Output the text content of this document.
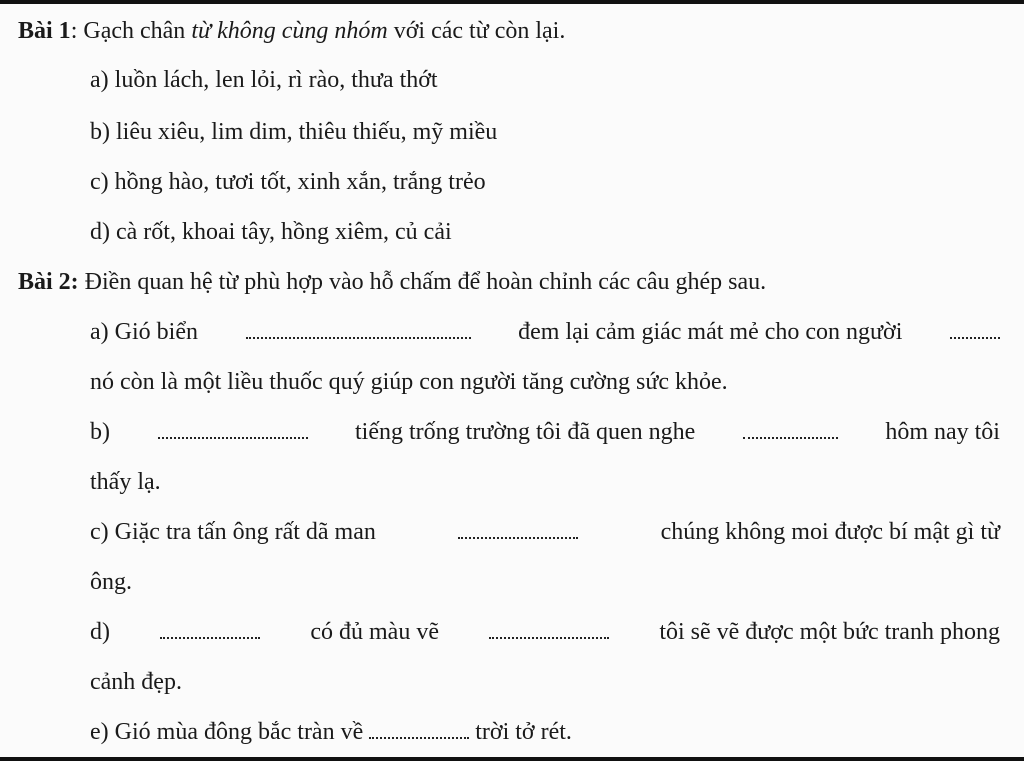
Bài 1: Gạch chân từ không cùng nhóm với các từ còn lại.
a) luồn lách, len lỏi, rì rào, thưa thớt
b) liêu xiêu, lim dim, thiêu thiếu, mỹ miều
c) hồng hào, tươi tốt, xinh xắn, trắng trẻo
d) cà rốt, khoai tây, hồng xiêm, củ cải
Bài 2: Điền quan hệ từ phù hợp vào hỗ chấm để hoàn chỉnh các câu ghép sau.
a) Gió biển	đem lại cảm giác mát mẻ cho con người
nó còn là một liều thuốc quý giúp con người tăng cường sức khỏe.
b)	tiếng trống trường tôi đã quen nghe	hôm nay tôi
thấy lạ.
c) Giặc tra tấn ông rất dã man	chúng không moi được bí mật gì từ
ông.
d)	có đủ màu vẽ	tôi sẽ vẽ được một bức tranh phong
cảnh đẹp.
e) Gió mùa đông bắc tràn về	trời tở rét.
